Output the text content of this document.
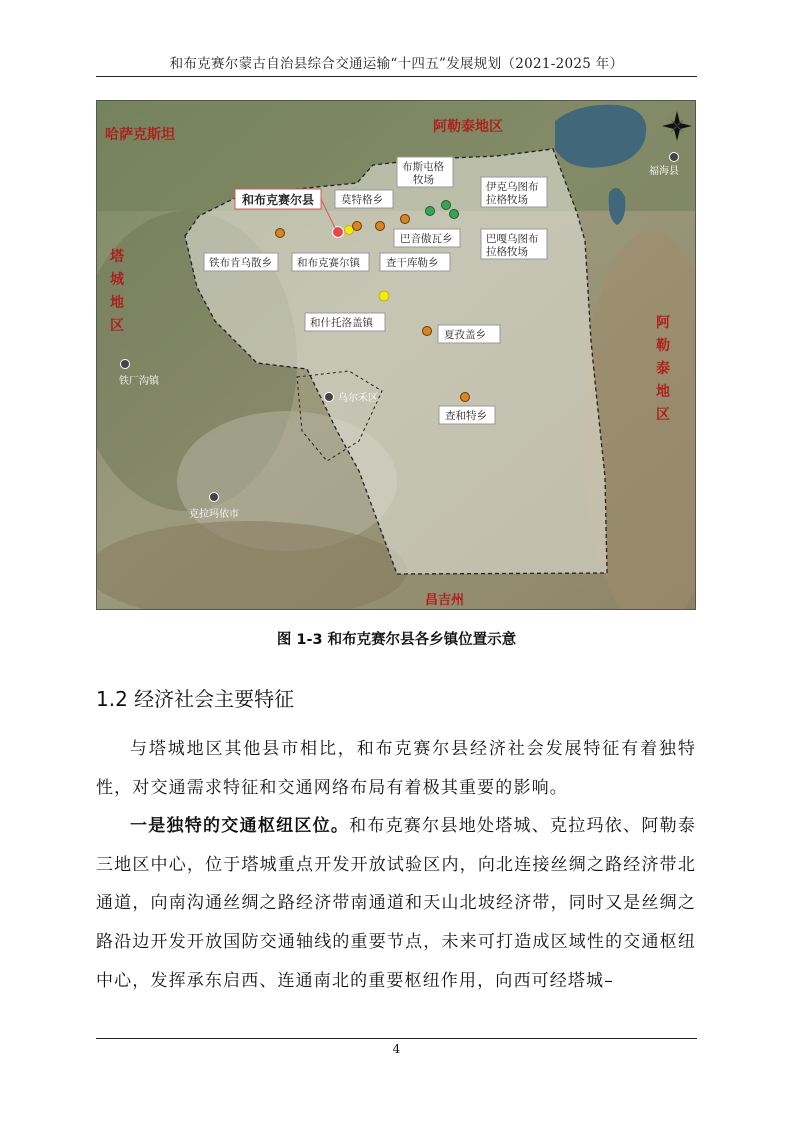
和布克赛尔蒙古自治县综合交通运输“十四五”发展规划（2021-2025 年）
哈萨克斯坦	阿勒泰地区
塔 城 地 区	阿 勒 泰 地 区
昌吉州
和布克赛尔县	莫特格乡
巴音傲瓦乡
铁布肯乌散乡 和布克赛尔镇 查干库勒乡
布斯屯格 牧场
伊克乌图布 拉格牧场
巴嘎乌图布 拉格牧场
和什托洛盖镇
夏孜盖乡
查和特乡
福海县
铁厂沟镇
乌尔禾区
克拉玛依市
图 1-3 和布克赛尔县各乡镇位置示意
1.2 经济社会主要特征

与塔城地区其他县市相比，和布克赛尔县经济社会发展特征有着独特性，对交通需求特征和交通网络布局有着极其重要的影响。

一是独特的交通枢纽区位。和布克赛尔县地处塔城、克拉玛依、阿勒泰三地区中心，位于塔城重点开发开放试验区内，向北连接丝绸之路经济带北通道，向南沟通丝绸之路经济带南通道和天山北坡经济带，同时又是丝绸之路沿边开发开放国防交通轴线的重要节点，未来可打造成区域性的交通枢纽中心，发挥承东启西、连通南北的重要枢纽作用，向西可经塔城–

4
